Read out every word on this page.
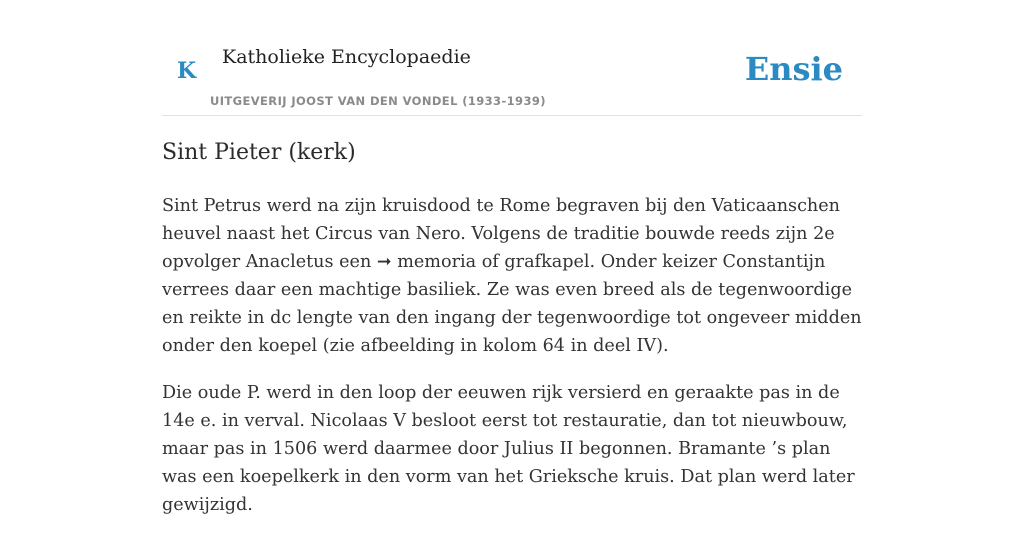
K
Katholieke Encyclopaedie
UITGEVERIJ JOOST VAN DEN VONDEL (1933-1939)
Ensie
Sint Pieter (kerk)

Sint Petrus werd na zijn kruisdood te Rome begraven bij den Vaticaanschen heuvel naast het Circus van Nero. Volgens de traditie bouwde reeds zijn 2e opvolger Anacletus een ➞ memoria of grafkapel. Onder keizer Constantijn verrees daar een machtige basiliek. Ze was even breed als de tegenwoordige en reikte in dc lengte van den ingang der tegenwoordige tot ongeveer midden onder den koepel (zie afbeelding in kolom 64 in deel IV).

Die oude P. werd in den loop der eeuwen rijk versierd en geraakte pas in de 14e e. in verval. Nicolaas V besloot eerst tot restauratie, dan tot nieuwbouw, maar pas in 1506 werd daarmee door Julius II begonnen. Bramante ’s plan was een koepelkerk in den vorm van het Grieksche kruis. Dat plan werd later gewijzigd.
